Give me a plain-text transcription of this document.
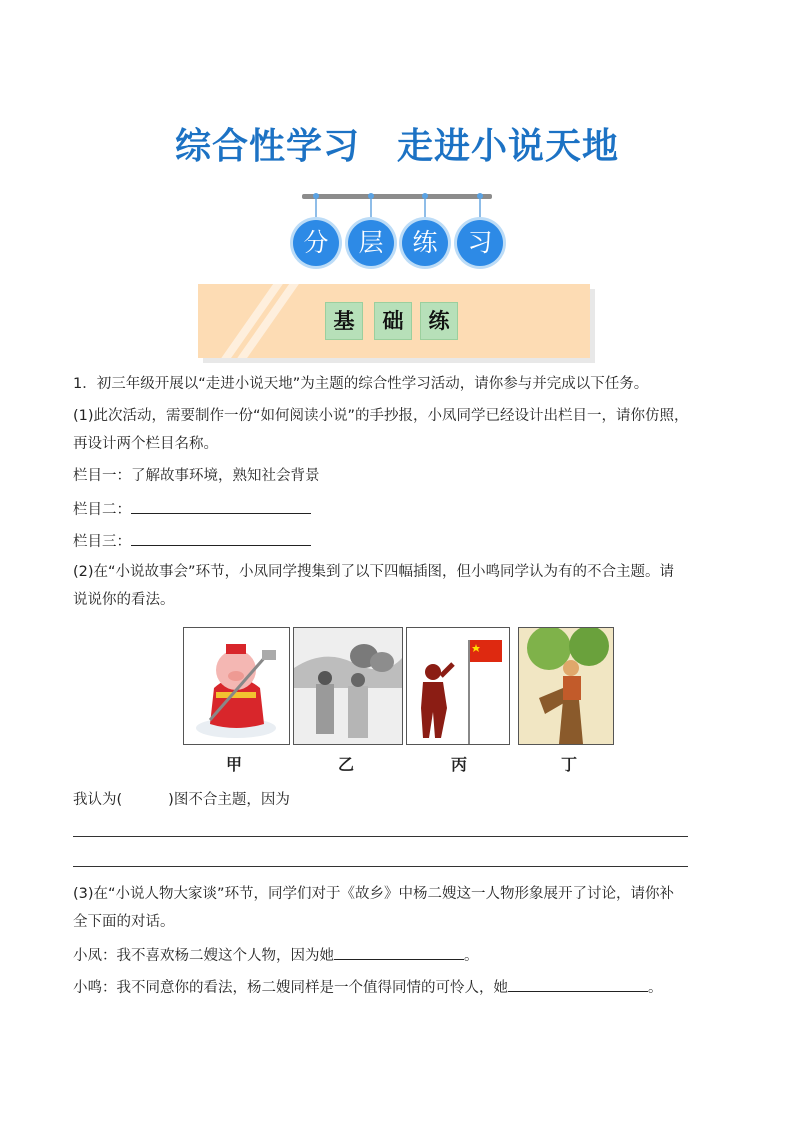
综合性学习　走进小说天地
分	层	练	习
基	础	练
1．初三年级开展以“走进小说天地”为主题的综合性学习活动，请你参与并完成以下任务。
(1)此次活动，需要制作一份“如何阅读小说”的手抄报，小凤同学已经设计出栏目一，请你仿照，
再设计两个栏目名称。
栏目一：了解故事环境，熟知社会背景
栏目二：
栏目三：
(2)在“小说故事会”环节，小凤同学搜集到了以下四幅插图，但小鸣同学认为有的不合主题。请
说说你的看法。
甲	乙	丙	丁
我认为(	)图不合主题，因为
(3)在“小说人物大家谈”环节，同学们对于《故乡》中杨二嫂这一人物形象展开了讨论，请你补
全下面的对话。
小凤：我不喜欢杨二嫂这个人物，因为她	。
小鸣：我不同意你的看法，杨二嫂同样是一个值得同情的可怜人，她	。
